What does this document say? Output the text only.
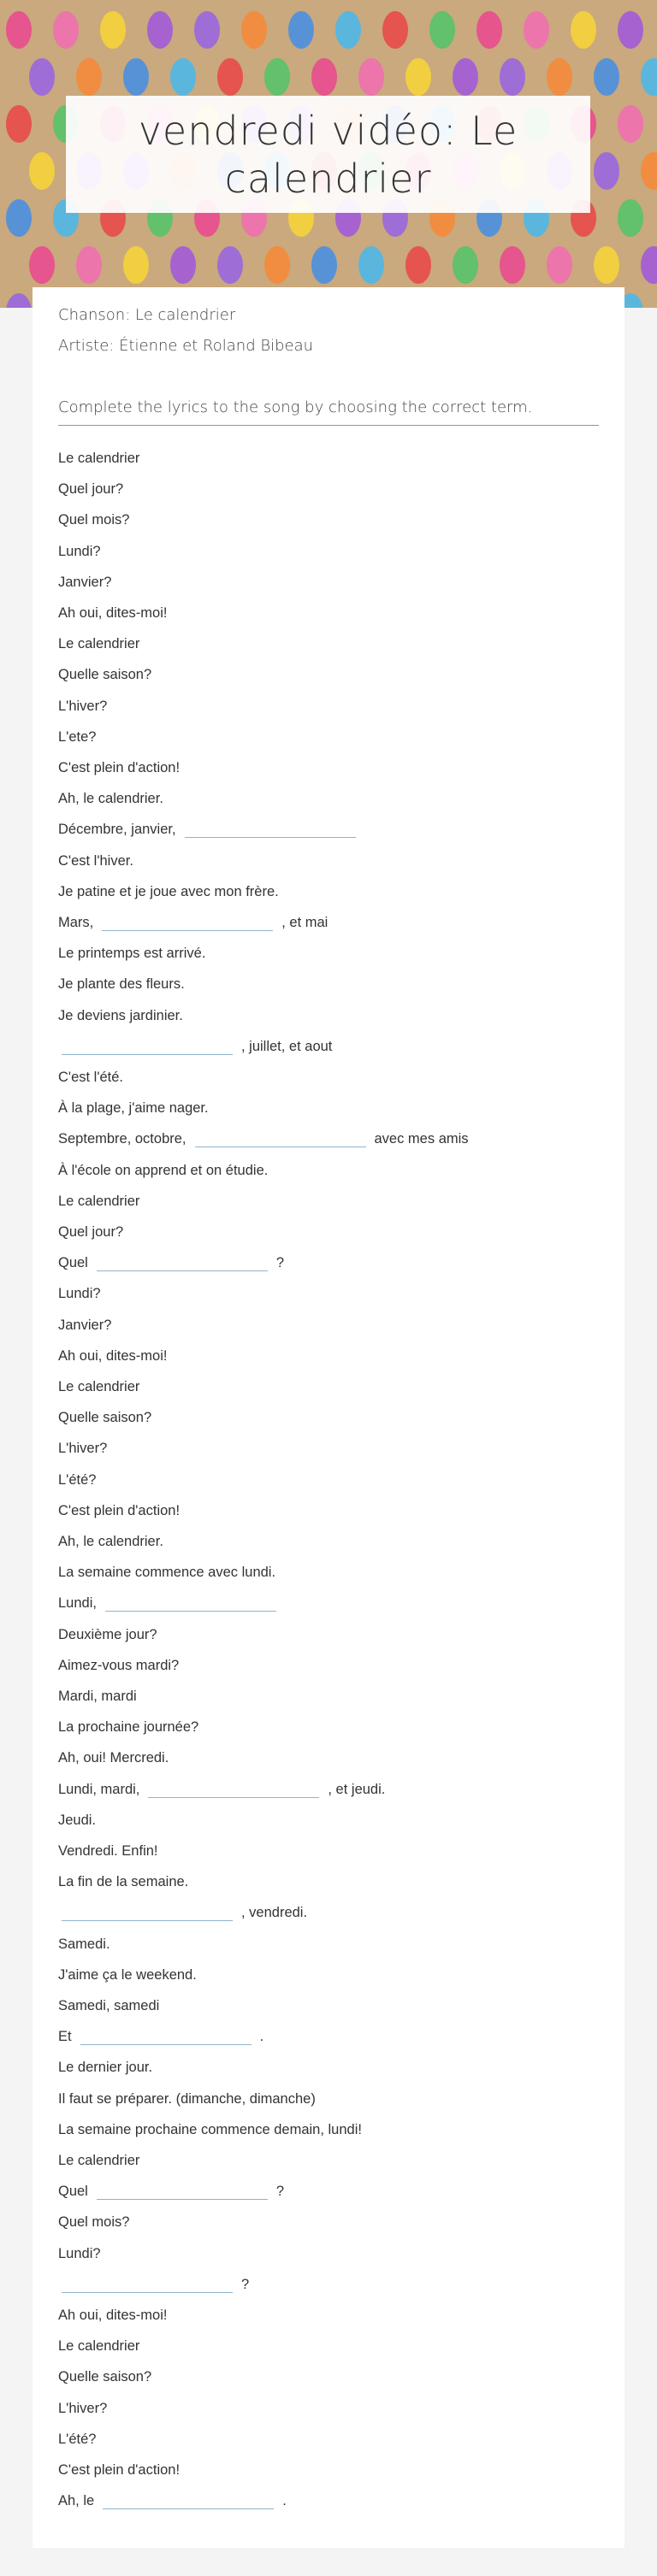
vendredi vidéo: Le calendrier
Chanson: Le calendrier
Artiste: Étienne et Roland Bibeau
Complete the lyrics to the song by choosing the correct term.
Le calendrier
Quel jour?
Quel mois?
Lundi?
Janvier?
Ah oui, dites-moi!
Le calendrier
Quelle saison?
L'hiver?
L'ete?
C'est plein d'action!
Ah, le calendrier.
Décembre, janvier,
C'est l'hiver.
Je patine et je joue avec mon frère.
Mars,	, et mai
Le printemps est arrivé.
Je plante des fleurs.
Je deviens jardinier.
, juillet, et aout
C'est l'été.
À la plage, j'aime nager.
Septembre, octobre,	avec mes amis
À l'école on apprend et on étudie.
Le calendrier
Quel jour?
Quel	?
Lundi?
Janvier?
Ah oui, dites-moi!
Le calendrier
Quelle saison?
L'hiver?
L'été?
C'est plein d'action!
Ah, le calendrier.
La semaine commence avec lundi.
Lundi,
Deuxième jour?
Aimez-vous mardi?
Mardi, mardi
La prochaine journée?
Ah, oui! Mercredi.
Lundi, mardi,	, et jeudi.
Jeudi.
Vendredi. Enfin!
La fin de la semaine.
, vendredi.
Samedi.
J'aime ça le weekend.
Samedi, samedi
Et	.
Le dernier jour.
Il faut se préparer. (dimanche, dimanche)
La semaine prochaine commence demain, lundi!
Le calendrier
Quel	?
Quel mois?
Lundi?
?
Ah oui, dites-moi!
Le calendrier
Quelle saison?
L'hiver?
L'été?
C'est plein d'action!
Ah, le	.
